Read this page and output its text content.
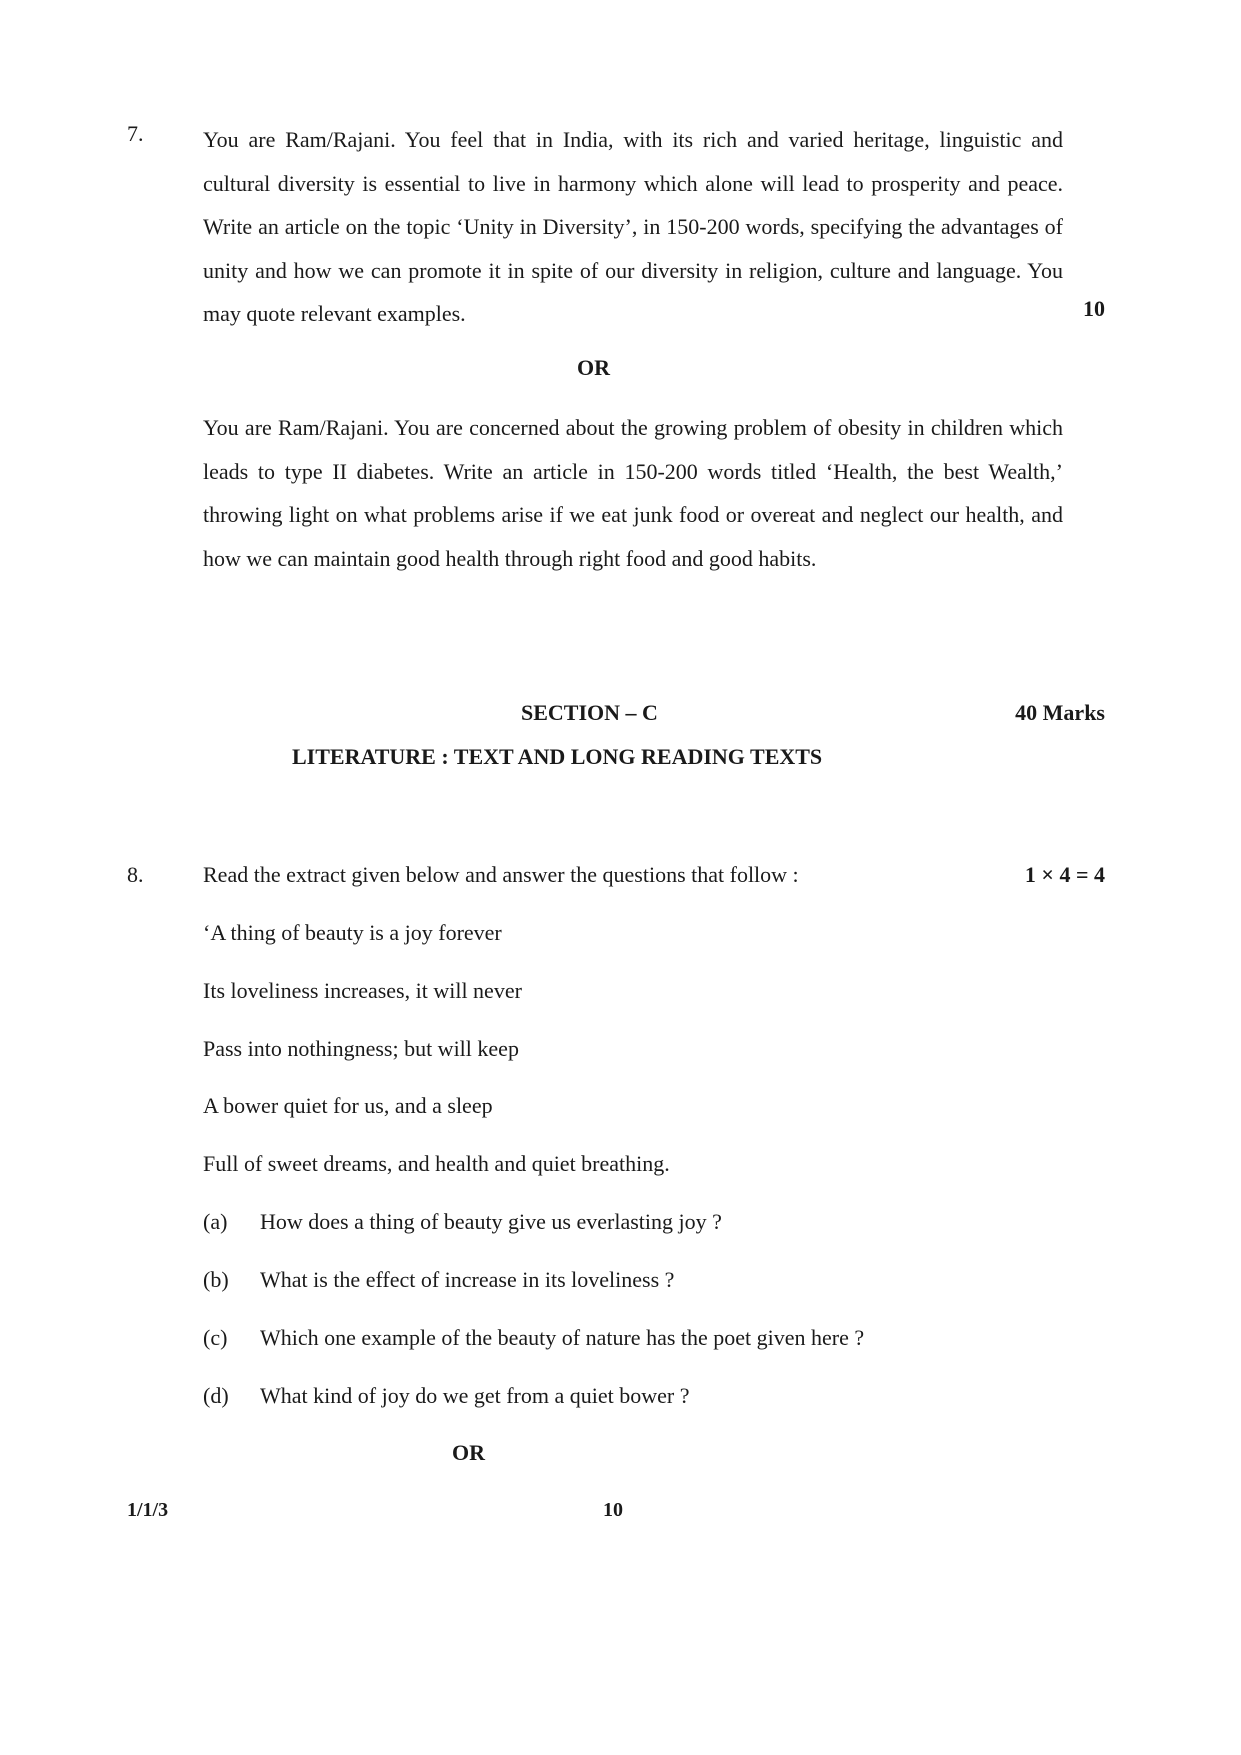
7.	You are Ram/Rajani. You feel that in India, with its rich and varied heritage, linguistic and cultural diversity is essential to live in harmony which alone will lead to prosperity and peace. Write an article on the topic ‘Unity in Diversity’, in 150-200 words, specifying the advantages of unity and how we can promote it in spite of our diversity in religion, culture and language. You may quote relevant examples.	10
OR

You are Ram/Rajani. You are concerned about the growing problem of obesity in children which leads to type II diabetes. Write an article in 150-200 words titled ‘Health, the best Wealth,’ throwing light on what problems arise if we eat junk food or overeat and neglect our health, and how we can maintain good health through right food and good habits.

SECTION – C	40 Marks
LITERATURE : TEXT AND LONG READING TEXTS
8.	Read the extract given below and answer the questions that follow :	1 × 4 = 4
‘A thing of beauty is a joy forever
Its loveliness increases, it will never
Pass into nothingness; but will keep
A bower quiet for us, and a sleep
Full of sweet dreams, and health and quiet breathing.
(a) How does a thing of beauty give us everlasting joy ?
(b) What is the effect of increase in its loveliness ?
(c) Which one example of the beauty of nature has the poet given here ?
(d) What kind of joy do we get from a quiet bower ?
OR
1/1/3	10
